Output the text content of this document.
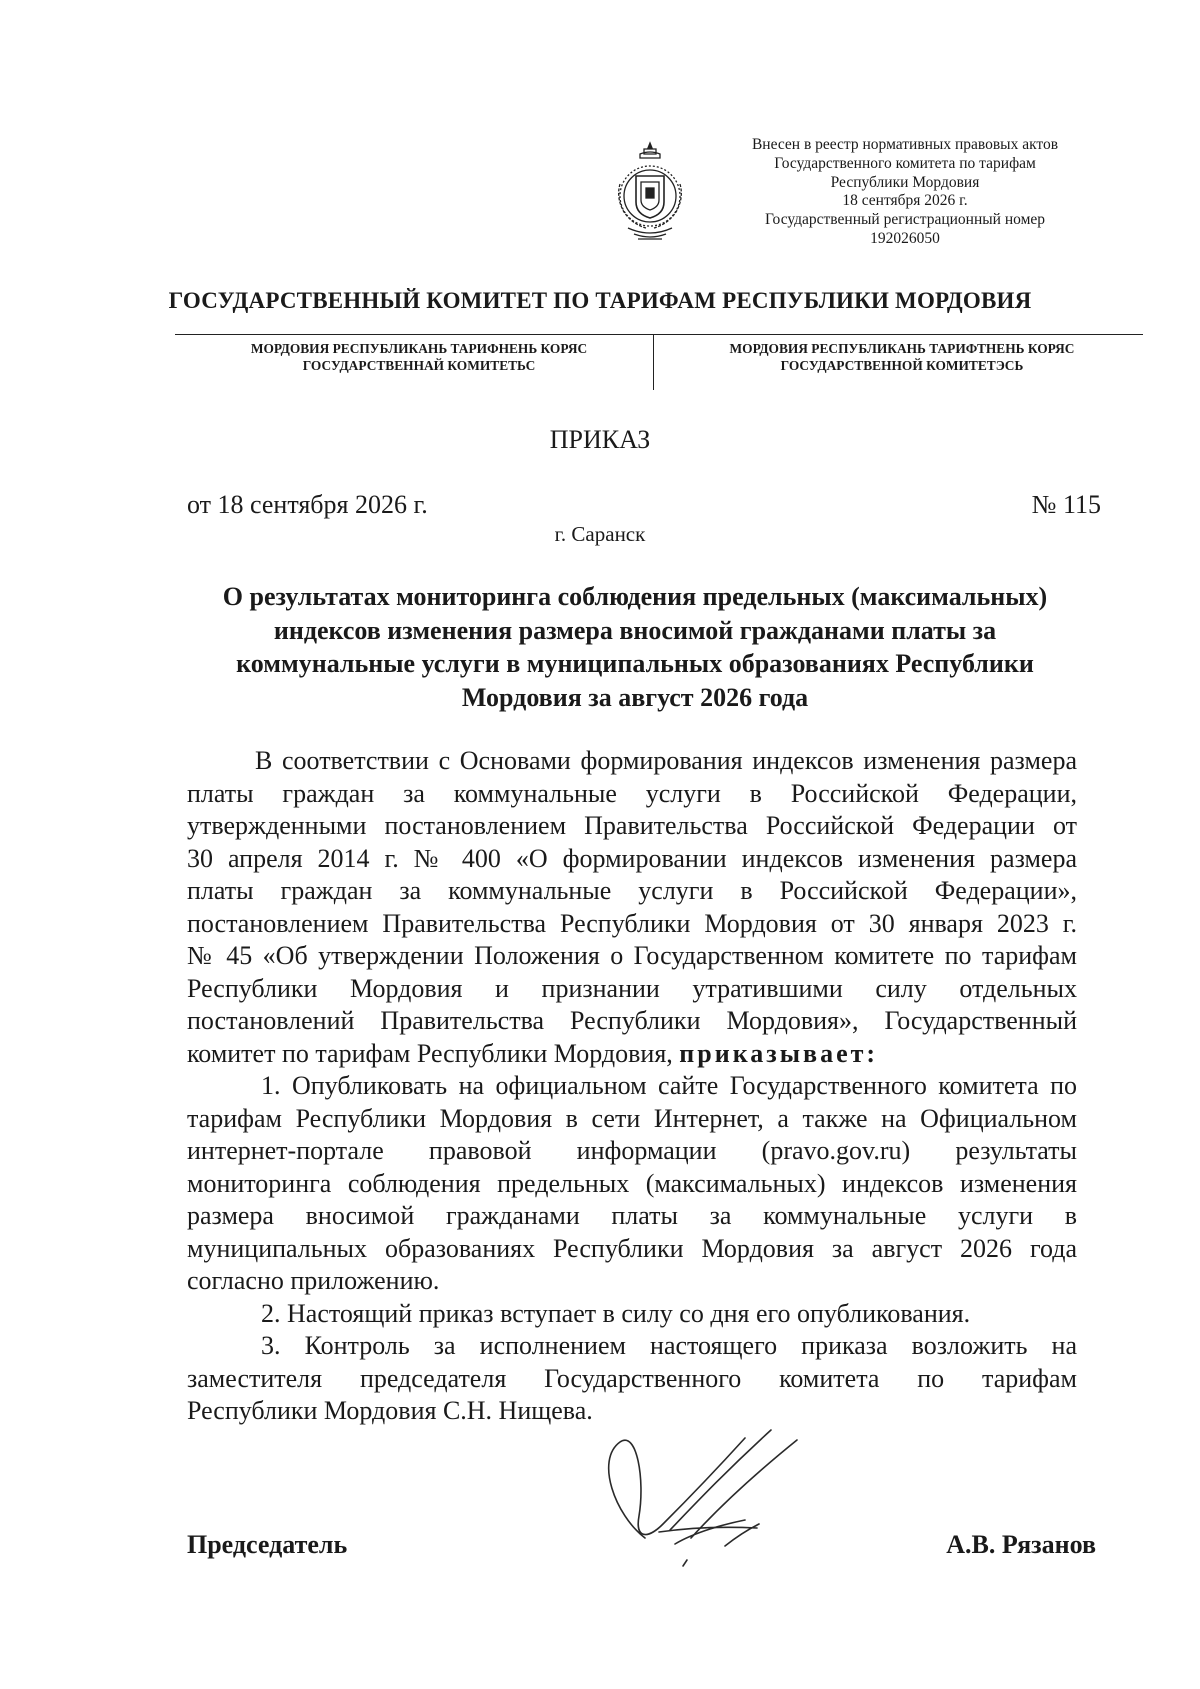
Внесен в реестр нормативных правовых актов
Государственного комитета по тарифам
Республики Мордовия
18 сентября 2026 г.
Государственный регистрационный номер
192026050
ГОСУДАРСТВЕННЫЙ КОМИТЕТ ПО ТАРИФАМ РЕСПУБЛИКИ МОРДОВИЯ
МОРДОВИЯ РЕСПУБЛИКАНЬ ТАРИФНЕНЬ КОРЯС
ГОСУДАРСТВЕННАЙ КОМИТЕТЬС
МОРДОВИЯ РЕСПУБЛИКАНЬ ТАРИФТНЕНЬ КОРЯС
ГОСУДАРСТВЕННОЙ КОМИТЕТЭСЬ
ПРИКАЗ
от 18 сентября 2026 г.	№ 115
г. Саранск
О результатах мониторинга соблюдения предельных (максимальных)
индексов изменения размера вносимой гражданами платы за
коммунальные услуги в муниципальных образованиях Республики
Мордовия за август 2026 года
В соответствии с Основами формирования индексов изменения размера
платы граждан за коммунальные услуги в Российской Федерации,
утвержденными постановлением Правительства Российской Федерации от
30 апреля 2014 г. № 400 «О формировании индексов изменения размера
платы граждан за коммунальные услуги в Российской Федерации»,
постановлением Правительства Республики Мордовия от 30 января 2023 г.
№ 45 «Об утверждении Положения о Государственном комитете по тарифам
Республики Мордовия и признании утратившими силу отдельных
постановлений Правительства Республики Мордовия», Государственный
комитет по тарифам Республики Мордовия, приказывает:
1. Опубликовать на официальном сайте Государственного комитета по
тарифам Республики Мордовия в сети Интернет, а также на Официальном
интернет-портале правовой информации (pravo.gov.ru) результаты
мониторинга соблюдения предельных (максимальных) индексов изменения
размера вносимой гражданами платы за коммунальные услуги в
муниципальных образованиях Республики Мордовия за август 2026 года
согласно приложению.
2. Настоящий приказ вступает в силу со дня его опубликования.
3. Контроль за исполнением настоящего приказа возложить на
заместителя председателя Государственного комитета по тарифам
Республики Мордовия С.Н. Нищева.
Председатель	А.В. Рязанов
